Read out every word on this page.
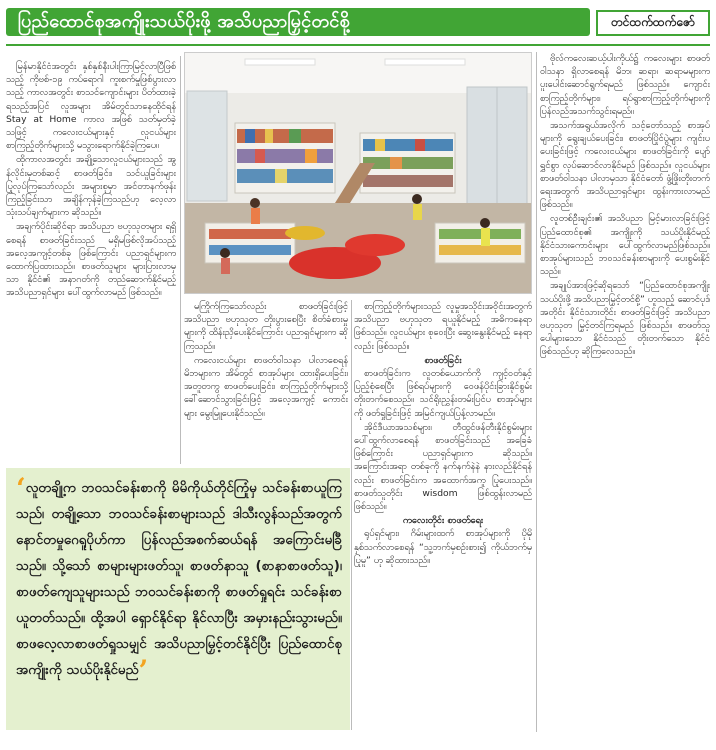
ပြည်ထောင်စုအကျိုးသယ်ပိုးဖို့ အသိပညာမြှင့်တင်စို့	တင်ထက်ထက်ဇော်

မြန်မာနိုင်ငံအတွင်း နှစ်နှစ်နီးပါးကြာမြင့်လာပြီဖြစ်သည့် ကိုဗစ်-၁၉ ကပ်ရောဂါ ကူးစက်မှုဖြစ်ပွားလာသည့် ကာလအတွင်း စာသင်ကျောင်းများ ပိတ်ထားခဲ့ရသည့်အပြင် လူအများ အိမ်တွင်သာနေထိုင်ရန် Stay at Home ကာလ အဖြစ် သတ်မှတ်ခဲ့သဖြင့် ကလေးငယ်များနှင့် လူငယ်များ စာကြည့်တိုက်များသို့ မသွားရောက်နိုင်ခဲ့ကြပေ။

ထိုကာလအတွင်း အချို့သောလူငယ်များသည် အွန်လိုင်းမှတစ်ဆင့် စာဖတ်ခြင်း၊ သင်ယူခြင်းများ ပြုလုပ်ကြသော်လည်း အများစုမှာ အင်တာနက်ဖုန်းကြည့်ခြင်းသာ အချိန်ကုန်ခဲ့ကြသည်ဟု လေ့လာသုံးသပ်ချက်များက ဆိုသည်။

အချက်ပိုင်းဆိုင်ရာ အသိပညာ ဗဟုသုတများ ရရှိစေရန် စာဖတ်ခြင်းသည် မရှိမဖြစ်လိုအပ်သည့် အလေ့အကျင့်တစ်ခု ဖြစ်ကြောင်း ပညာရှင်များက ထောက်ပြထားသည်။ စာဖတ်သူများ များပြားလာမှသာ နိုင်ငံ၏ အနာဂတ်ကို တည်ဆောက်နိုင်မည့် အသိပညာရှင်များ ပေါ်ထွက်လာမည် ဖြစ်သည်။

မကြိုက်ကြသော်လည်း စာဖတ်ခြင်းဖြင့် အသိပညာ ဗဟုသုတ တိုးပွားစေပြီး စိတ်ခံစားမှုများကို ထိန်းညှိပေးနိုင်ကြောင်း ပညာရှင်များက ဆိုကြသည်။

ကလေးငယ်များ စာဖတ်ဝါသနာ ပါလာစေရန် မိဘများက အိမ်တွင် စာအုပ်များ ထားရှိပေးခြင်း၊ အတူတကွ စာဖတ်ပေးခြင်း၊ စာကြည့်တိုက်များသို့ ခေါ်ဆောင်သွားခြင်းဖြင့် အလေ့အကျင့် ကောင်းများ မွေးမြူပေးနိုင်သည်။

စာကြည့်တိုက်များသည် လူမှုအသိုင်းအဝိုင်းအတွက် အသိပညာ ဗဟုသုတ ရယူနိုင်မည့် အဓိကနေရာ ဖြစ်သည်။ လူငယ်များ စုဝေးပြီး ဆွေးနွေးနိုင်မည့် နေရာလည်း ဖြစ်သည်။

စာဖတ်ခြင်း

စာဖတ်ခြင်းက လူတစ်ယောက်ကို ကျင့်ဝတ်နှင့်ပြည့်စုံစေပြီး ဖြစ်ရပ်များကို ဝေဖန်ပိုင်းခြားနိုင်စွမ်း တိုးတက်စေသည်။ သင်ရိုးညွှန်းတမ်းပြင်ပ စာအုပ်များကို ဖတ်ရှုခြင်းဖြင့် အမြင်ကျယ်ပြန့်လာမည်။

အိုင်ဒီယာအသစ်များ၊ တီထွင်ဖန်တီးနိုင်စွမ်းများ ပေါ်ထွက်လာစေရန် စာဖတ်ခြင်းသည် အခြေခံ ဖြစ်ကြောင်း ပညာရှင်များက ဆိုသည်။ အကြောင်းအရာ တစ်ခုကို နက်နက်နဲနဲ နားလည်နိုင်ရန်လည်း စာဖတ်ခြင်းက အထောက်အကူ ပြုပေးသည်။ စာဖတ်သူတိုင်း wisdom ဖြစ်ထွန်းလာမည် ဖြစ်သည်။

ကလေးတိုင်း စာဖတ်ရေး

ရုပ်ရှင်များ၊ ဂိမ်းများထက် စာအုပ်များကို ပိုမိုနှစ်သက်လာစေရန် “သူ့ဘက်မှစဉ်းစား၍ ကိုယ်ဘက်မှ ပြုမူ” ဟု ဆိုထားသည်။

ဗိုလ်ကလေးဆယ့်ပါးကိုယ်၌ ကလေးများ စာဖတ်ဝါသနာ ရှိလာစေရန် မိဘ၊ ဆရာ၊ ဆရာမများက ပူးပေါင်းဆောင်ရွက်ရမည် ဖြစ်သည်။ ကျောင်းစာကြည့်တိုက်များ၊ ရပ်ရွာစာကြည့်တိုက်များကို ပြန်လည်အသက်သွင်းရမည်။

အသက်အရွယ်အလိုက် သင့်တော်သည့် စာအုပ်များကို ရွေးချယ်ပေးခြင်း၊ စာဖတ်ပြိုင်ပွဲများ ကျင်းပပေးခြင်းဖြင့် ကလေးငယ်များ စာဖတ်ခြင်းကို ပျော်ရွှင်စွာ လုပ်ဆောင်လာနိုင်မည် ဖြစ်သည်။ လူငယ်များ စာဖတ်ဝါသနာ ပါလာမှသာ နိုင်ငံတော် ဖွံ့ဖြိုးတိုးတက်ရေးအတွက် အသိပညာရှင်များ ထွန်းကားလာမည် ဖြစ်သည်။

လူတစ်ဦးချင်း၏ အသိပညာ မြင့်မားလာခြင်းဖြင့် ပြည်ထောင်စု၏ အကျိုးကို သယ်ပိုးနိုင်မည့် နိုင်ငံသားကောင်းများ ပေါ်ထွက်လာမည်ဖြစ်သည်။ စာအုပ်များသည် ဘဝသင်ခန်းစာများကို ပေးစွမ်းနိုင်သည်။

အချုပ်အားဖြင့်ဆိုရသော် “ပြည်ထောင်စုအကျိုး သယ်ပိုးဖို့ အသိပညာမြှင့်တင်စို့” ဟူသည့် ဆောင်ပုဒ်အတိုင်း နိုင်ငံသားတိုင်း စာဖတ်ခြင်းဖြင့် အသိပညာ ဗဟုသုတ မြှင့်တင်ကြရမည် ဖြစ်သည်။ စာဖတ်သူ ပေါများသော နိုင်ငံသည် တိုးတက်သော နိုင်ငံ ဖြစ်သည်ဟု ဆိုကြလေသည်။

‘လူတချို့က ဘဝသင်ခန်းစာကို မိမိကိုယ်တိုင်ကြုံမှ သင်ခန်းစာယူကြသည်၊ တချို့သော ဘဝသင်ခန်းစာများသည် ဒါသီးလွန်သည်အတွက် နောင်တမှုဂေရူပိုဟ်ကာ ပြန်လည်အစက်ဆယ်ရန် အကြောင်းမခြီသည်။ သို့သော် စာများများဖတ်သူ၊ စာဖတ်နာသူ (စာနာစာဖတ်သူ)၊ စာဖတ်ကျေသူများသည် ဘဝသင်ခန်းစာကို စာဖတ်ရှုရင်း သင်ခန်းစာယူတတ်သည်။ ထို့အပါ ရှောင်နိုင်ရာ နိုင်လာပြီး အမှားနည်းသွားမည်။ စာဖလေ့လာစာဖတ်ရှုသမျှင် အသိပညာမြှင့်တင်နိုင်ပြီး ပြည်ထောင်စုအကျိုးကို သယ်ပိုးနိုင်မည်’
